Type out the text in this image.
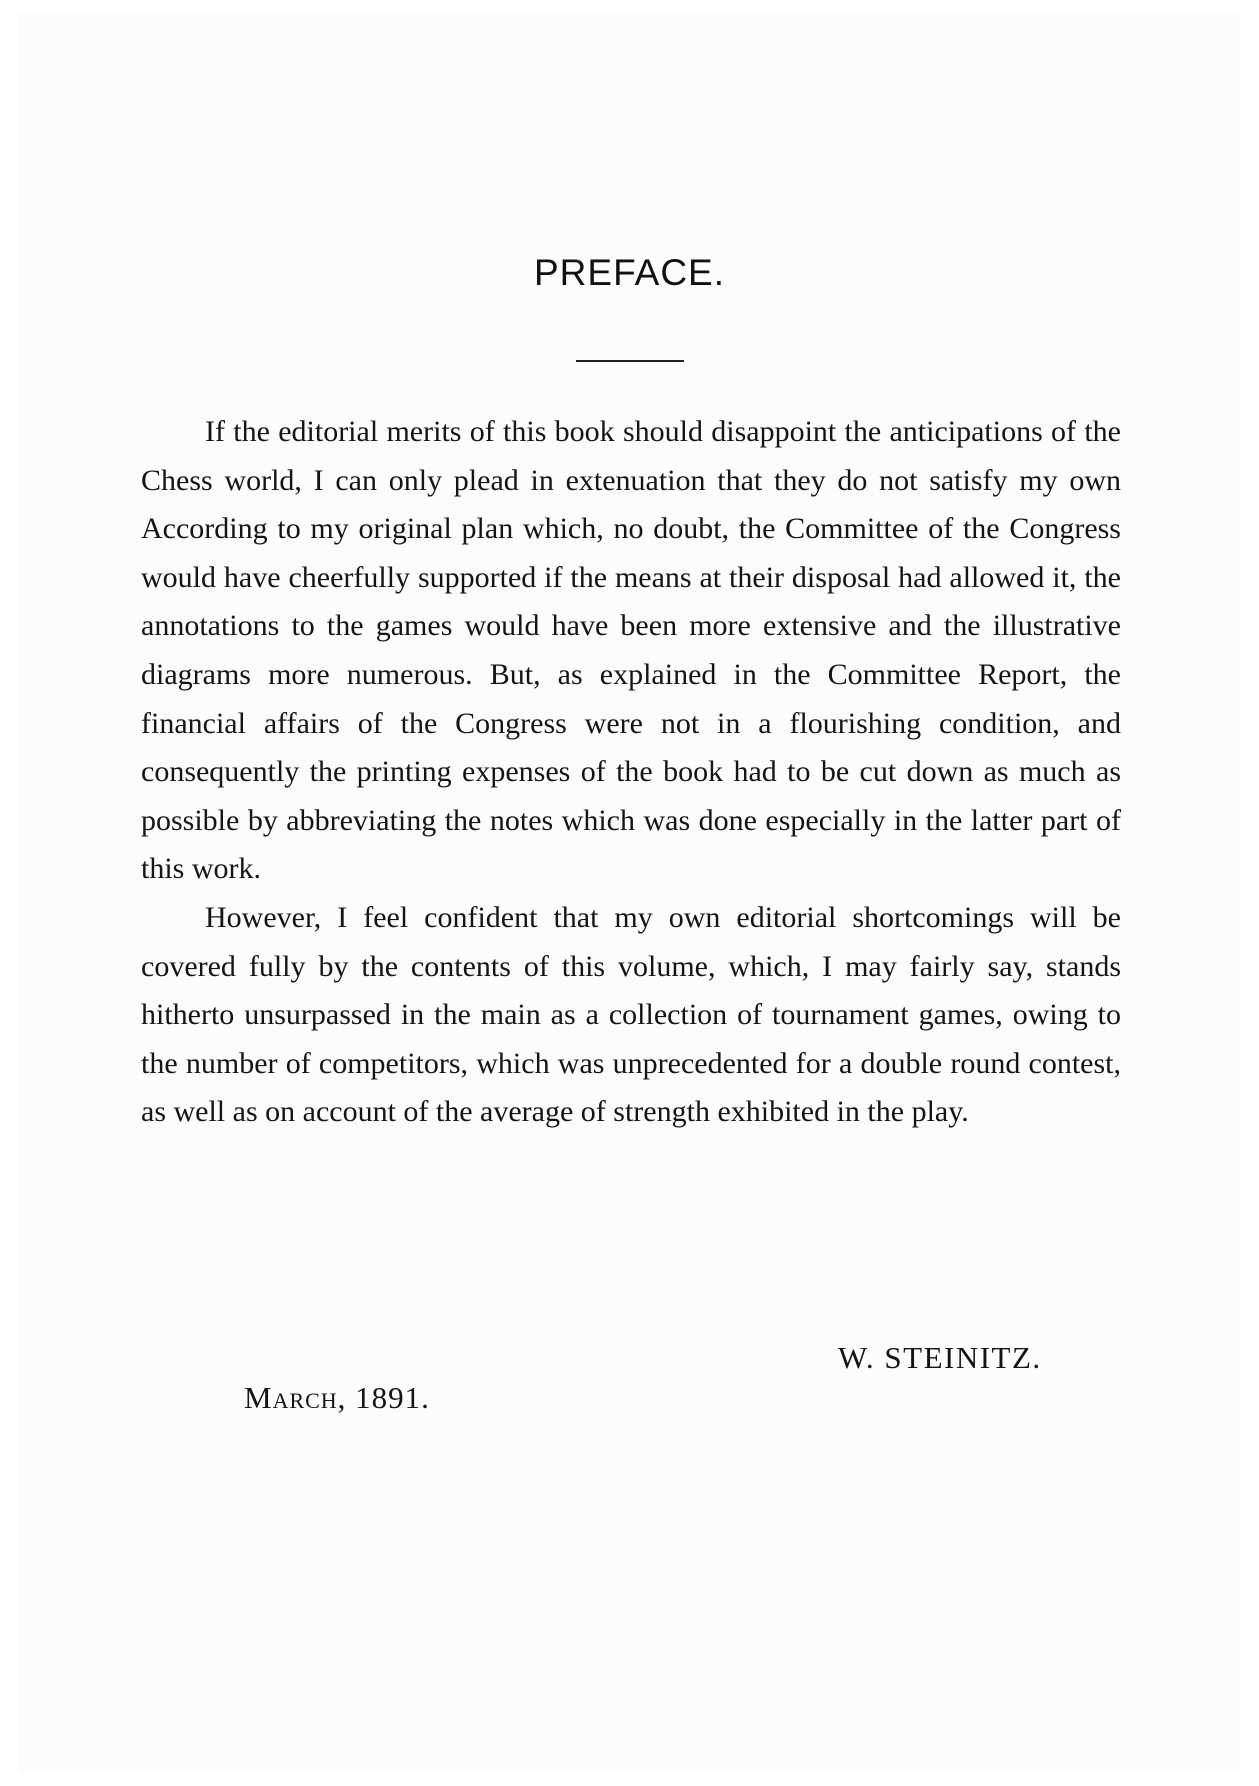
PREFACE.

If the editorial merits of this book should disappoint the anticipations of the Chess world, I can only plead in extenuation that they do not satisfy my own According to my original plan which, no doubt, the Committee of the Congress would have cheerfully supported if the means at their disposal had allowed it, the annotations to the games would have been more extensive and the illustrative diagrams more numerous. But, as explained in the Committee Report, the financial affairs of the Congress were not in a flourishing condition, and consequently the printing expenses of the book had to be cut down as much as possible by abbreviating the notes which was done especially in the latter part of this work.

However, I feel confident that my own editorial shortcomings will be covered fully by the contents of this volume, which, I may fairly say, stands hitherto unsurpassed in the main as a collection of tournament games, owing to the number of competitors, which was unprecedented for a double round contest, as well as on account of the average of strength exhibited in the play.

W. STEINITZ.
March, 1891.
